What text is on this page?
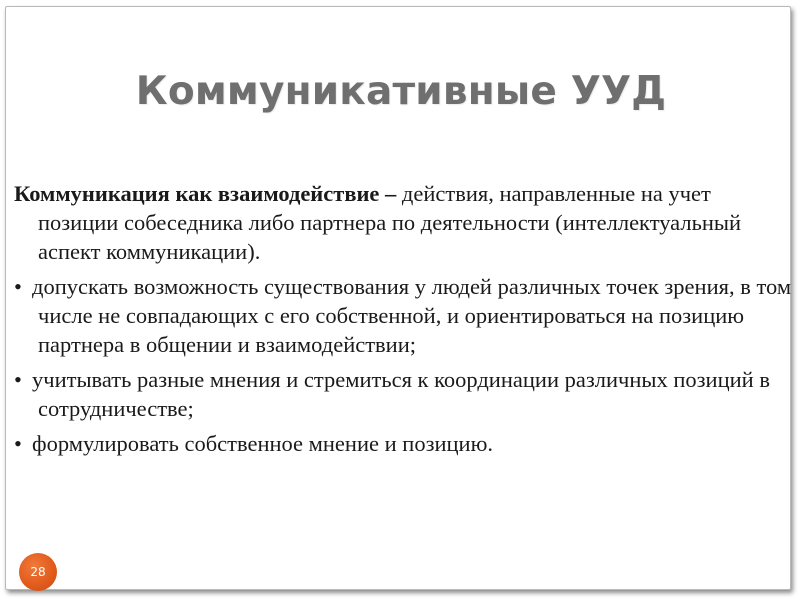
Коммуникативные УУД

Коммуникация как взаимодействие – действия, направленные на учет позиции собеседника либо партнера по деятельности (интеллектуальный аспект коммуникации).

• допускать возможность существования у людей различных точек зрения, в том числе не совпадающих с его собственной, и ориентироваться на позицию партнера в общении и взаимодействии;

• учитывать разные мнения и стремиться к координации различных позиций в сотрудничестве;

• формулировать собственное мнение и позицию.

28
